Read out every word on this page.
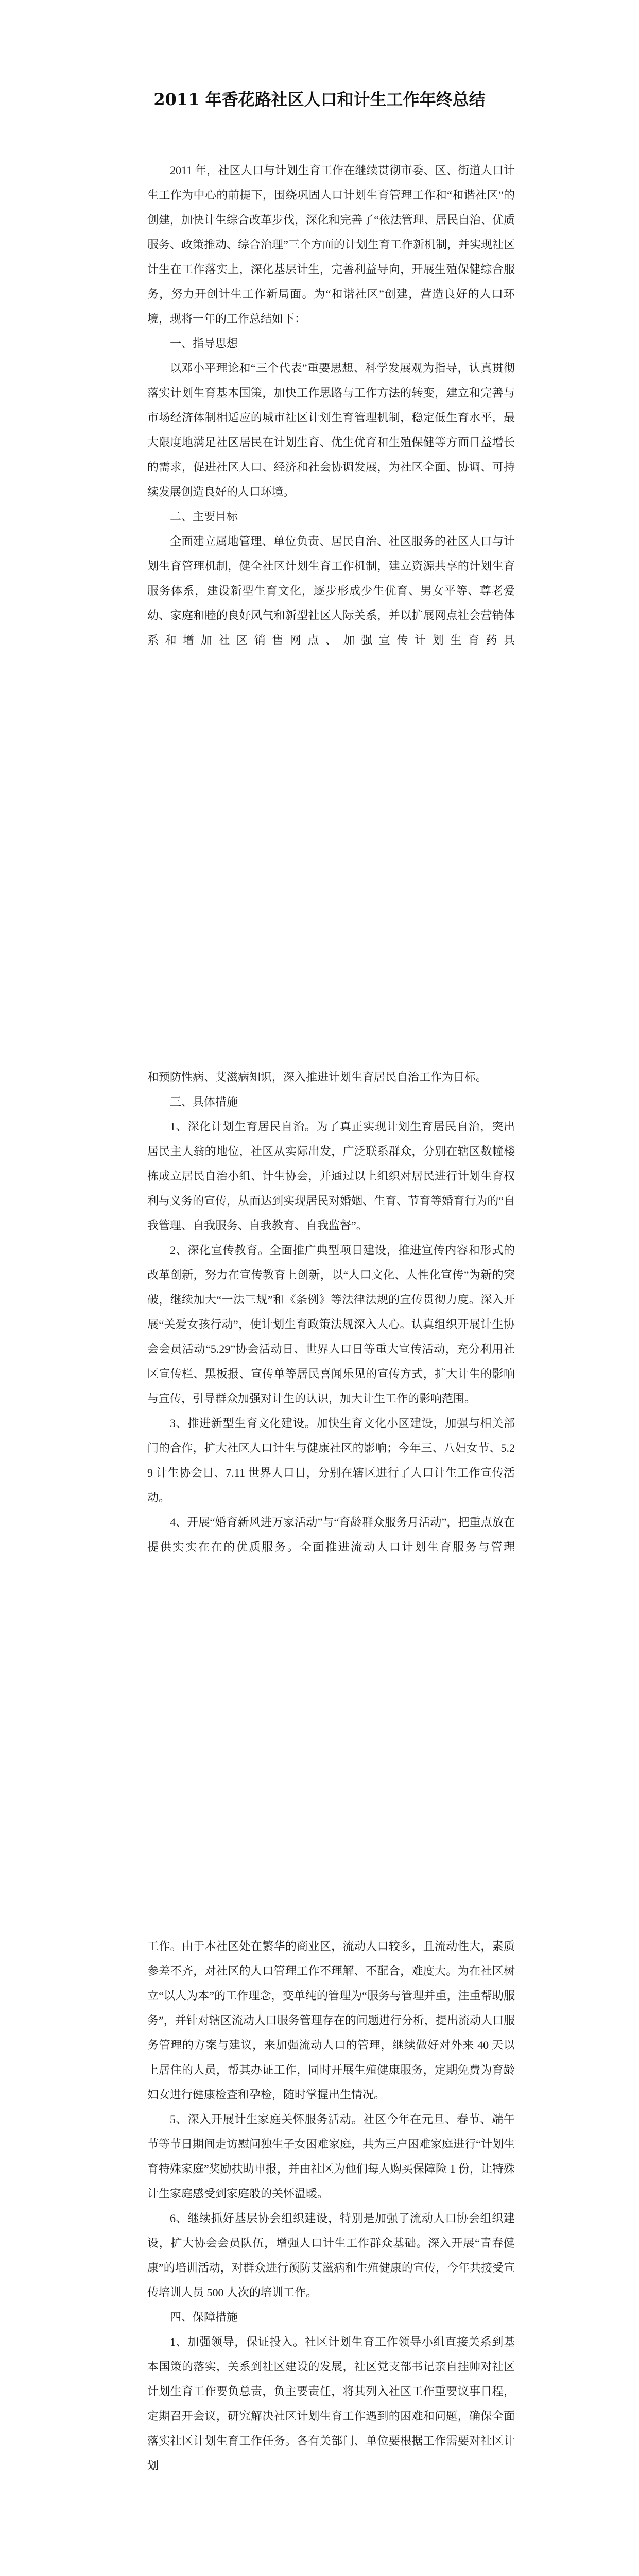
2011 年香花路社区人口和计生工作年终总结

2011 年，社区人口与计划生育工作在继续贯彻市委、区、街道人口计生工作为中心的前提下，围绕巩固人口计划生育管理工作和“和谐社区”的创建，加快计生综合改革步伐，深化和完善了“依法管理、居民自治、优质服务、政策推动、综合治理”三个方面的计划生育工作新机制，并实现社区计生在工作落实上，深化基层计生，完善利益导向，开展生殖保健综合服务，努力开创计生工作新局面。为“和谐社区”创建，营造良好的人口环境，现将一年的工作总结如下：

一、指导思想

以邓小平理论和“三个代表”重要思想、科学发展观为指导，认真贯彻落实计划生育基本国策，加快工作思路与工作方法的转变，建立和完善与市场经济体制相适应的城市社区计划生育管理机制，稳定低生育水平，最大限度地满足社区居民在计划生育、优生优育和生殖保健等方面日益增长的需求，促进社区人口、经济和社会协调发展，为社区全面、协调、可持续发展创造良好的人口环境。

二、主要目标

全面建立属地管理、单位负责、居民自治、社区服务的社区人口与计划生育管理机制，健全社区计划生育工作机制，建立资源共享的计划生育服务体系，建设新型生育文化，逐步形成少生优育、男女平等、尊老爱幼、家庭和睦的良好风气和新型社区人际关系，并以扩展网点社会营销体系和增加社区销售网点、加强宣传计划生育药具

和预防性病、艾滋病知识，深入推进计划生育居民自治工作为目标。

三、具体措施

1、深化计划生育居民自治。为了真正实现计划生育居民自治，突出居民主人翁的地位，社区从实际出发，广泛联系群众，分别在辖区数幢楼栋成立居民自治小组、计生协会，并通过以上组织对居民进行计划生育权利与义务的宣传，从而达到实现居民对婚姻、生育、节育等婚育行为的“自我管理、自我服务、自我教育、自我监督”。

2、深化宣传教育。全面推广典型项目建设，推进宣传内容和形式的改革创新，努力在宣传教育上创新，以“人口文化、人性化宣传”为新的突破，继续加大“一法三规”和《条例》等法律法规的宣传贯彻力度。深入开展“关爱女孩行动”，使计划生育政策法规深入人心。认真组织开展计生协会会员活动“5.29”协会活动日、世界人口日等重大宣传活动，充分利用社区宣传栏、黑板报、宣传单等居民喜闻乐见的宣传方式，扩大计生的影响与宣传，引导群众加强对计生的认识，加大计生工作的影响范围。

3、推进新型生育文化建设。加快生育文化小区建设，加强与相关部门的合作，扩大社区人口计生与健康社区的影响；今年三、八妇女节、5.29 计生协会日、7.11 世界人口日，分别在辖区进行了人口计生工作宣传活动。

4、开展“婚育新风进万家活动”与“育龄群众服务月活动”，把重点放在提供实实在在的优质服务。全面推进流动人口计划生育服务与管理

工作。由于本社区处在繁华的商业区，流动人口较多，且流动性大，素质参差不齐，对社区的人口管理工作不理解、不配合，难度大。为在社区树立“以人为本”的工作理念，变单纯的管理为“服务与管理并重，注重帮助服务”，并针对辖区流动人口服务管理存在的问题进行分析，提出流动人口服务管理的方案与建议，来加强流动人口的管理，继续做好对外来 40 天以上居住的人员，帮其办证工作，同时开展生殖健康服务，定期免费为育龄妇女进行健康检查和孕检，随时掌握出生情况。

5、深入开展计生家庭关怀服务活动。社区今年在元旦、春节、端午节等节日期间走访慰问独生子女困难家庭，共为三户困难家庭进行“计划生育特殊家庭”奖励扶助申报，并由社区为他们每人购买保障险 1 份，让特殊计生家庭感受到家庭般的关怀温暖。

6、继续抓好基层协会组织建设，特别是加强了流动人口协会组织建设，扩大协会会员队伍，增强人口计生工作群众基础。深入开展“青春健康”的培训活动，对群众进行预防艾滋病和生殖健康的宣传，今年共接受宣传培训人员 500 人次的培训工作。

四、保障措施

1、加强领导，保证投入。社区计划生育工作领导小组直接关系到基本国策的落实，关系到社区建设的发展，社区党支部书记亲自挂帅对社区计划生育工作要负总责，负主要责任，将其列入社区工作重要议事日程，定期召开会议，研究解决社区计划生育工作遇到的困难和问题，确保全面落实社区计划生育工作任务。各有关部门、单位要根据工作需要对社区计划
